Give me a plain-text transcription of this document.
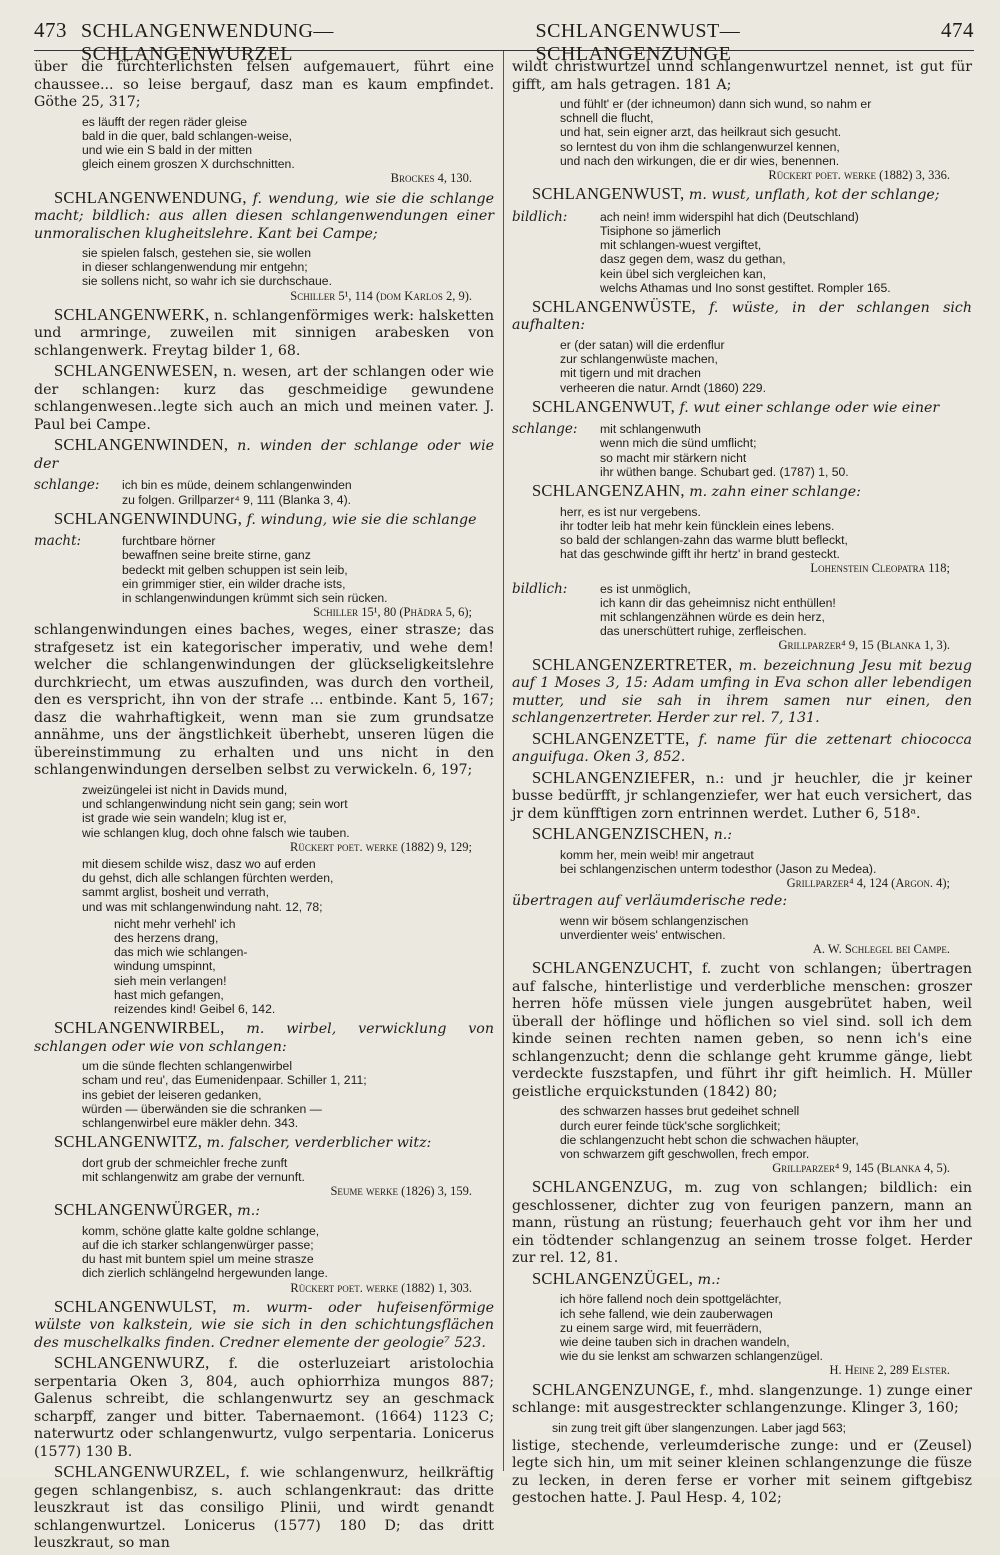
473 SCHLANGENWENDUNG—SCHLANGENWURZEL
SCHLANGENWUST—SCHLANGENZUNGE
474
über die fürchterlichsten felsen aufgemauert, führt eine chaussee... so leise bergauf, dasz man es kaum empfindet. Göthe 25, 317;
es läufft der regen räder gleise
bald in die quer, bald schlangen-weise,
und wie ein S bald in der mitten
gleich einem groszen X durchschnitten.
Brockes 4, 130.
SCHLANGENWENDUNG, f. wendung, wie sie die schlange macht; bildlich: aus allen diesen schlangenwendungen einer unmoralischen klugheitslehre. Kant bei Campe;
sie spielen falsch, gestehen sie, sie wollen
in dieser schlangenwendung mir entgehn;
sie sollens nicht, so wahr ich sie durchschaue.
Schiller 5¹, 114 (dom Karlos 2, 9).
SCHLANGENWERK, n. schlangenförmiges werk: halsketten und armringe, zuweilen mit sinnigen arabesken von schlangenwerk. Freytag bilder 1, 68.
SCHLANGENWESEN, n. wesen, art der schlangen oder wie der schlangen: kurz das geschmeidige gewundene schlangenwesen..legte sich auch an mich und meinen vater. J. Paul bei Campe.
SCHLANGENWINDEN, n. winden der schlange oder wie der
schlange:	ich bin es müde, deinem schlangenwinden
zu folgen. Grillparzer⁴ 9, 111 (Blanka 3, 4).
SCHLANGENWINDUNG, f. windung, wie sie die schlange
macht:	furchtbare hörner
bewaffnen seine breite stirne, ganz
bedeckt mit gelben schuppen ist sein leib,
ein grimmiger stier, ein wilder drache ists,
in schlangenwindungen krümmt sich sein rücken.
Schiller 15¹, 80 (Phädra 5, 6);
schlangenwindungen eines baches, weges, einer strasze; das strafgesetz ist ein kategorischer imperativ, und wehe dem! welcher die schlangenwindungen der glückseligkeitslehre durchkriecht, um etwas auszufinden, was durch den vortheil, den es verspricht, ihn von der strafe ... entbinde. Kant 5, 167; dasz die wahrhaftigkeit, wenn man sie zum grundsatze annähme, uns der ängstlichkeit überhebt, unseren lügen die übereinstimmung zu erhalten und uns nicht in den schlangenwindungen derselben selbst zu verwickeln. 6, 197;
zweizüngelei ist nicht in Davids mund,
und schlangenwindung nicht sein gang; sein wort
ist grade wie sein wandeln; klug ist er,
wie schlangen klug, doch ohne falsch wie tauben.
Rückert poet. werke (1882) 9, 129;
mit diesem schilde wisz, dasz wo auf erden
du gehst, dich alle schlangen fürchten werden,
sammt arglist, bosheit und verrath,
und was mit schlangenwindung naht. 12, 78;
nicht mehr verhehl' ich
des herzens drang,
das mich wie schlangen-
windung umspinnt,
sieh mein verlangen!
hast mich gefangen,
reizendes kind! Geibel 6, 142.
SCHLANGENWIRBEL, m. wirbel, verwicklung von schlangen oder wie von schlangen:
um die sünde flechten schlangenwirbel
scham und reu', das Eumenidenpaar. Schiller 1, 211;
ins gebiet der leiseren gedanken,
würden — überwänden sie die schranken —
schlangenwirbel eure mäkler dehn. 343.
SCHLANGENWITZ, m. falscher, verderblicher witz:
dort grub der schmeichler freche zunft
mit schlangenwitz am grabe der vernunft.
Seume werke (1826) 3, 159.
SCHLANGENWÜRGER, m.:
komm, schöne glatte kalte goldne schlange,
auf die ich starker schlangenwürger passe;
du hast mit buntem spiel um meine strasze
dich zierlich schlängelnd hergewunden lange.
Rückert poet. werke (1882) 1, 303.
SCHLANGENWULST, m. wurm- oder hufeisenförmige wülste von kalkstein, wie sie sich in den schichtungsflächen des muschelkalks finden. Credner elemente der geologie⁷ 523.
SCHLANGENWURZ, f. die osterluzeiart aristolochia serpentaria Oken 3, 804, auch ophiorrhiza mungos 887; Galenus schreibt, die schlangenwurtz sey an geschmack scharpff, zanger und bitter. Tabernaemont. (1664) 1123 C; naterwurtz oder schlangenwurtz, vulgo serpentaria. Lonicerus (1577) 130 B.
SCHLANGENWURZEL, f. wie schlangenwurz, heilkräftig gegen schlangenbisz, s. auch schlangenkraut: das dritte leuszkraut ist das consiligo Plinii, und wirdt genandt schlangenwurtzel. Lonicerus (1577) 180 D; das dritt leuszkraut, so man
wildt christwurtzel unnd schlangenwurtzel nennet, ist gut für gifft, am hals getragen. 181 A;
und fühlt' er (der ichneumon) dann sich wund, so nahm er
schnell die flucht,
und hat, sein eigner arzt, das heilkraut sich gesucht.
so lerntest du von ihm die schlangenwurzel kennen,
und nach den wirkungen, die er dir wies, benennen.
Rückert poet. werke (1882) 3, 336.
SCHLANGENWUST, m. wust, unflath, kot der schlange;
bildlich:	ach nein! imm widerspihl hat dich (Deutschland)
Tisiphone so jämerlich
mit schlangen-wuest vergiftet,
dasz gegen dem, wasz du gethan,
kein übel sich vergleichen kan,
welchs Athamas und Ino sonst gestiftet. Rompler 165.
SCHLANGENWÜSTE, f. wüste, in der schlangen sich aufhalten:
er (der satan) will die erdenflur
zur schlangenwüste machen,
mit tigern und mit drachen
verheeren die natur. Arndt (1860) 229.
SCHLANGENWUT, f. wut einer schlange oder wie einer
schlange:	mit schlangenwuth
wenn mich die sünd umflicht;
so macht mir stärkern nicht
ihr wüthen bange. Schubart ged. (1787) 1, 50.
SCHLANGENZAHN, m. zahn einer schlange:
herr, es ist nur vergebens.
ihr todter leib hat mehr kein füncklein eines lebens.
so bald der schlangen-zahn das warme blutt befleckt,
hat das geschwinde gifft ihr hertz' in brand gesteckt.
Lohenstein Cleopatra 118;
bildlich:	es ist unmöglich,
ich kann dir das geheimnisz nicht enthüllen!
mit schlangenzähnen würde es dein herz,
das unerschüttert ruhige, zerfleischen.
Grillparzer⁴ 9, 15 (Blanka 1, 3).
SCHLANGENZERTRETER, m. bezeichnung Jesu mit bezug auf 1 Moses 3, 15: Adam umfing in Eva schon aller lebendigen mutter, und sie sah in ihrem samen nur einen, den schlangenzertreter. Herder zur rel. 7, 131.
SCHLANGENZETTE, f. name für die zettenart chiococca anguifuga. Oken 3, 852.
SCHLANGENZIEFER, n.: und jr heuchler, die jr keiner busse bedürfft, jr schlangenziefer, wer hat euch versichert, das jr dem künfftigen zorn entrinnen werdet. Luther 6, 518ᵃ.
SCHLANGENZISCHEN, n.:
komm her, mein weib! mir angetraut
bei schlangenzischen unterm todesthor (Jason zu Medea).
Grillparzer⁴ 4, 124 (Argon. 4);
übertragen auf verläumderische rede:
wenn wir bösem schlangenzischen
unverdienter weis' entwischen.
A. W. Schlegel bei Campe.
SCHLANGENZUCHT, f. zucht von schlangen; übertragen auf falsche, hinterlistige und verderbliche menschen: groszer herren höfe müssen viele jungen ausgebrütet haben, weil überall der höflinge und höflichen so viel sind. soll ich dem kinde seinen rechten namen geben, so nenn ich's eine schlangenzucht; denn die schlange geht krumme gänge, liebt verdeckte fuszstapfen, und führt ihr gift heimlich. H. Müller geistliche erquickstunden (1842) 80;
des schwarzen hasses brut gedeihet schnell
durch eurer feinde tück'sche sorglichkeit;
die schlangenzucht hebt schon die schwachen häupter,
von schwarzem gift geschwollen, frech empor.
Grillparzer⁴ 9, 145 (Blanka 4, 5).
SCHLANGENZUG, m. zug von schlangen; bildlich: ein geschlossener, dichter zug von feurigen panzern, mann an mann, rüstung an rüstung; feuerhauch geht vor ihm her und ein tödtender schlangenzug an seinem trosse folget. Herder zur rel. 12, 81.
SCHLANGENZÜGEL, m.:
ich höre fallend noch dein spottgelächter,
ich sehe fallend, wie dein zauberwagen
zu einem sarge wird, mit feuerrädern,
wie deine tauben sich in drachen wandeln,
wie du sie lenkst am schwarzen schlangenzügel.
H. Heine 2, 289 Elster.
SCHLANGENZUNGE, f., mhd. slangenzunge. 1) zunge einer schlange: mit ausgestreckter schlangenzunge. Klinger 3, 160;
sin zung treit gift über slangenzungen. Laber jagd 563;
listige, stechende, verleumderische zunge: und er (Zeusel) legte sich hin, um mit seiner kleinen schlangenzunge die füsze zu lecken, in deren ferse er vorher mit seinem giftgebisz gestochen hatte. J. Paul Hesp. 4, 102;
